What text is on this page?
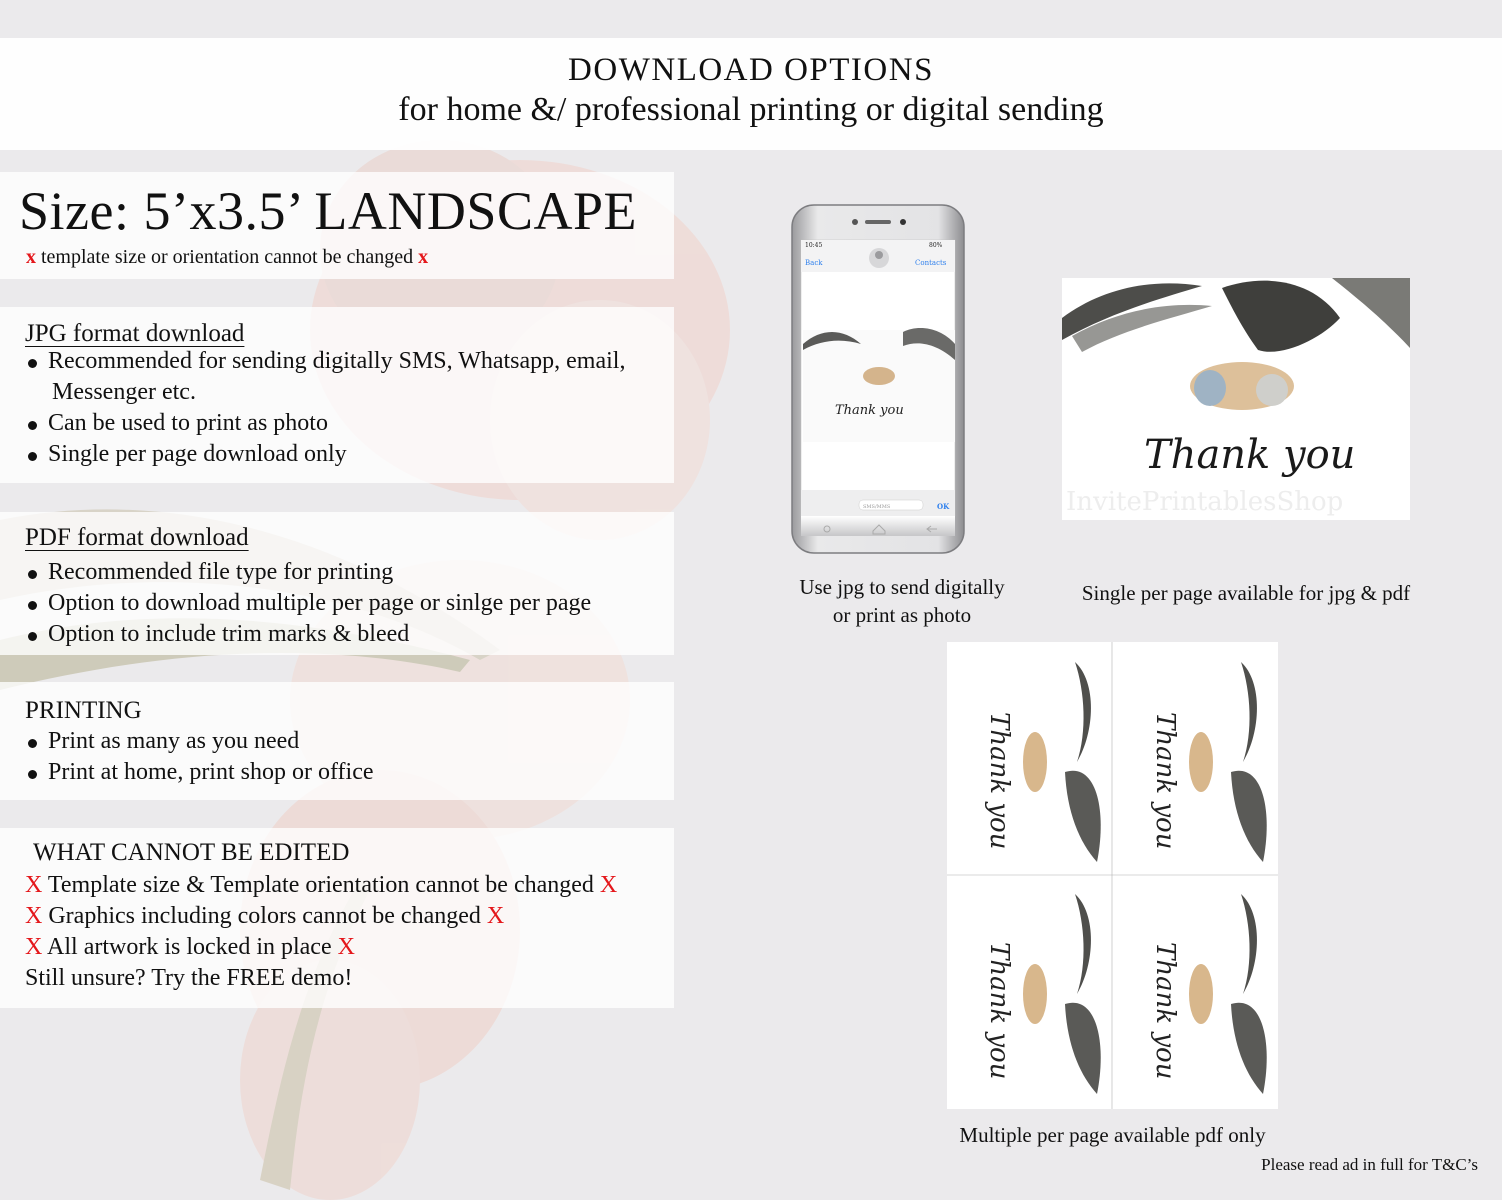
DOWNLOAD OPTIONS
for home &/ professional printing or digital sending
Size: 5’x3.5’ LANDSCAPE
x template size or orientation cannot be changed x
JPG format download
Recommended for sending digitally SMS, Whatsapp, email,
Messenger etc.
Can be used to print as photo
Single per page download only
PDF format download
Recommended file type for printing
Option to download multiple per page or sinlge per page
Option to include trim marks & bleed
PRINTING
Print as many as you need
Print at home, print shop or office
WHAT CANNOT BE EDITED
X Template size & Template orientation cannot be changed X
X Graphics including colors cannot be changed X
X All artwork is locked in place X
Still unsure? Try the FREE demo!
10:45	80%
Back	Contacts
Thank you
SMS/MMS	OK
Thank you
InvitePrintablesShop
Thank you	Thank you
Thank you	Thank you
Use jpg to send digitally
or print as photo
Single per page available for jpg & pdf
Multiple per page available pdf only
Please read ad in full for T&C’s
